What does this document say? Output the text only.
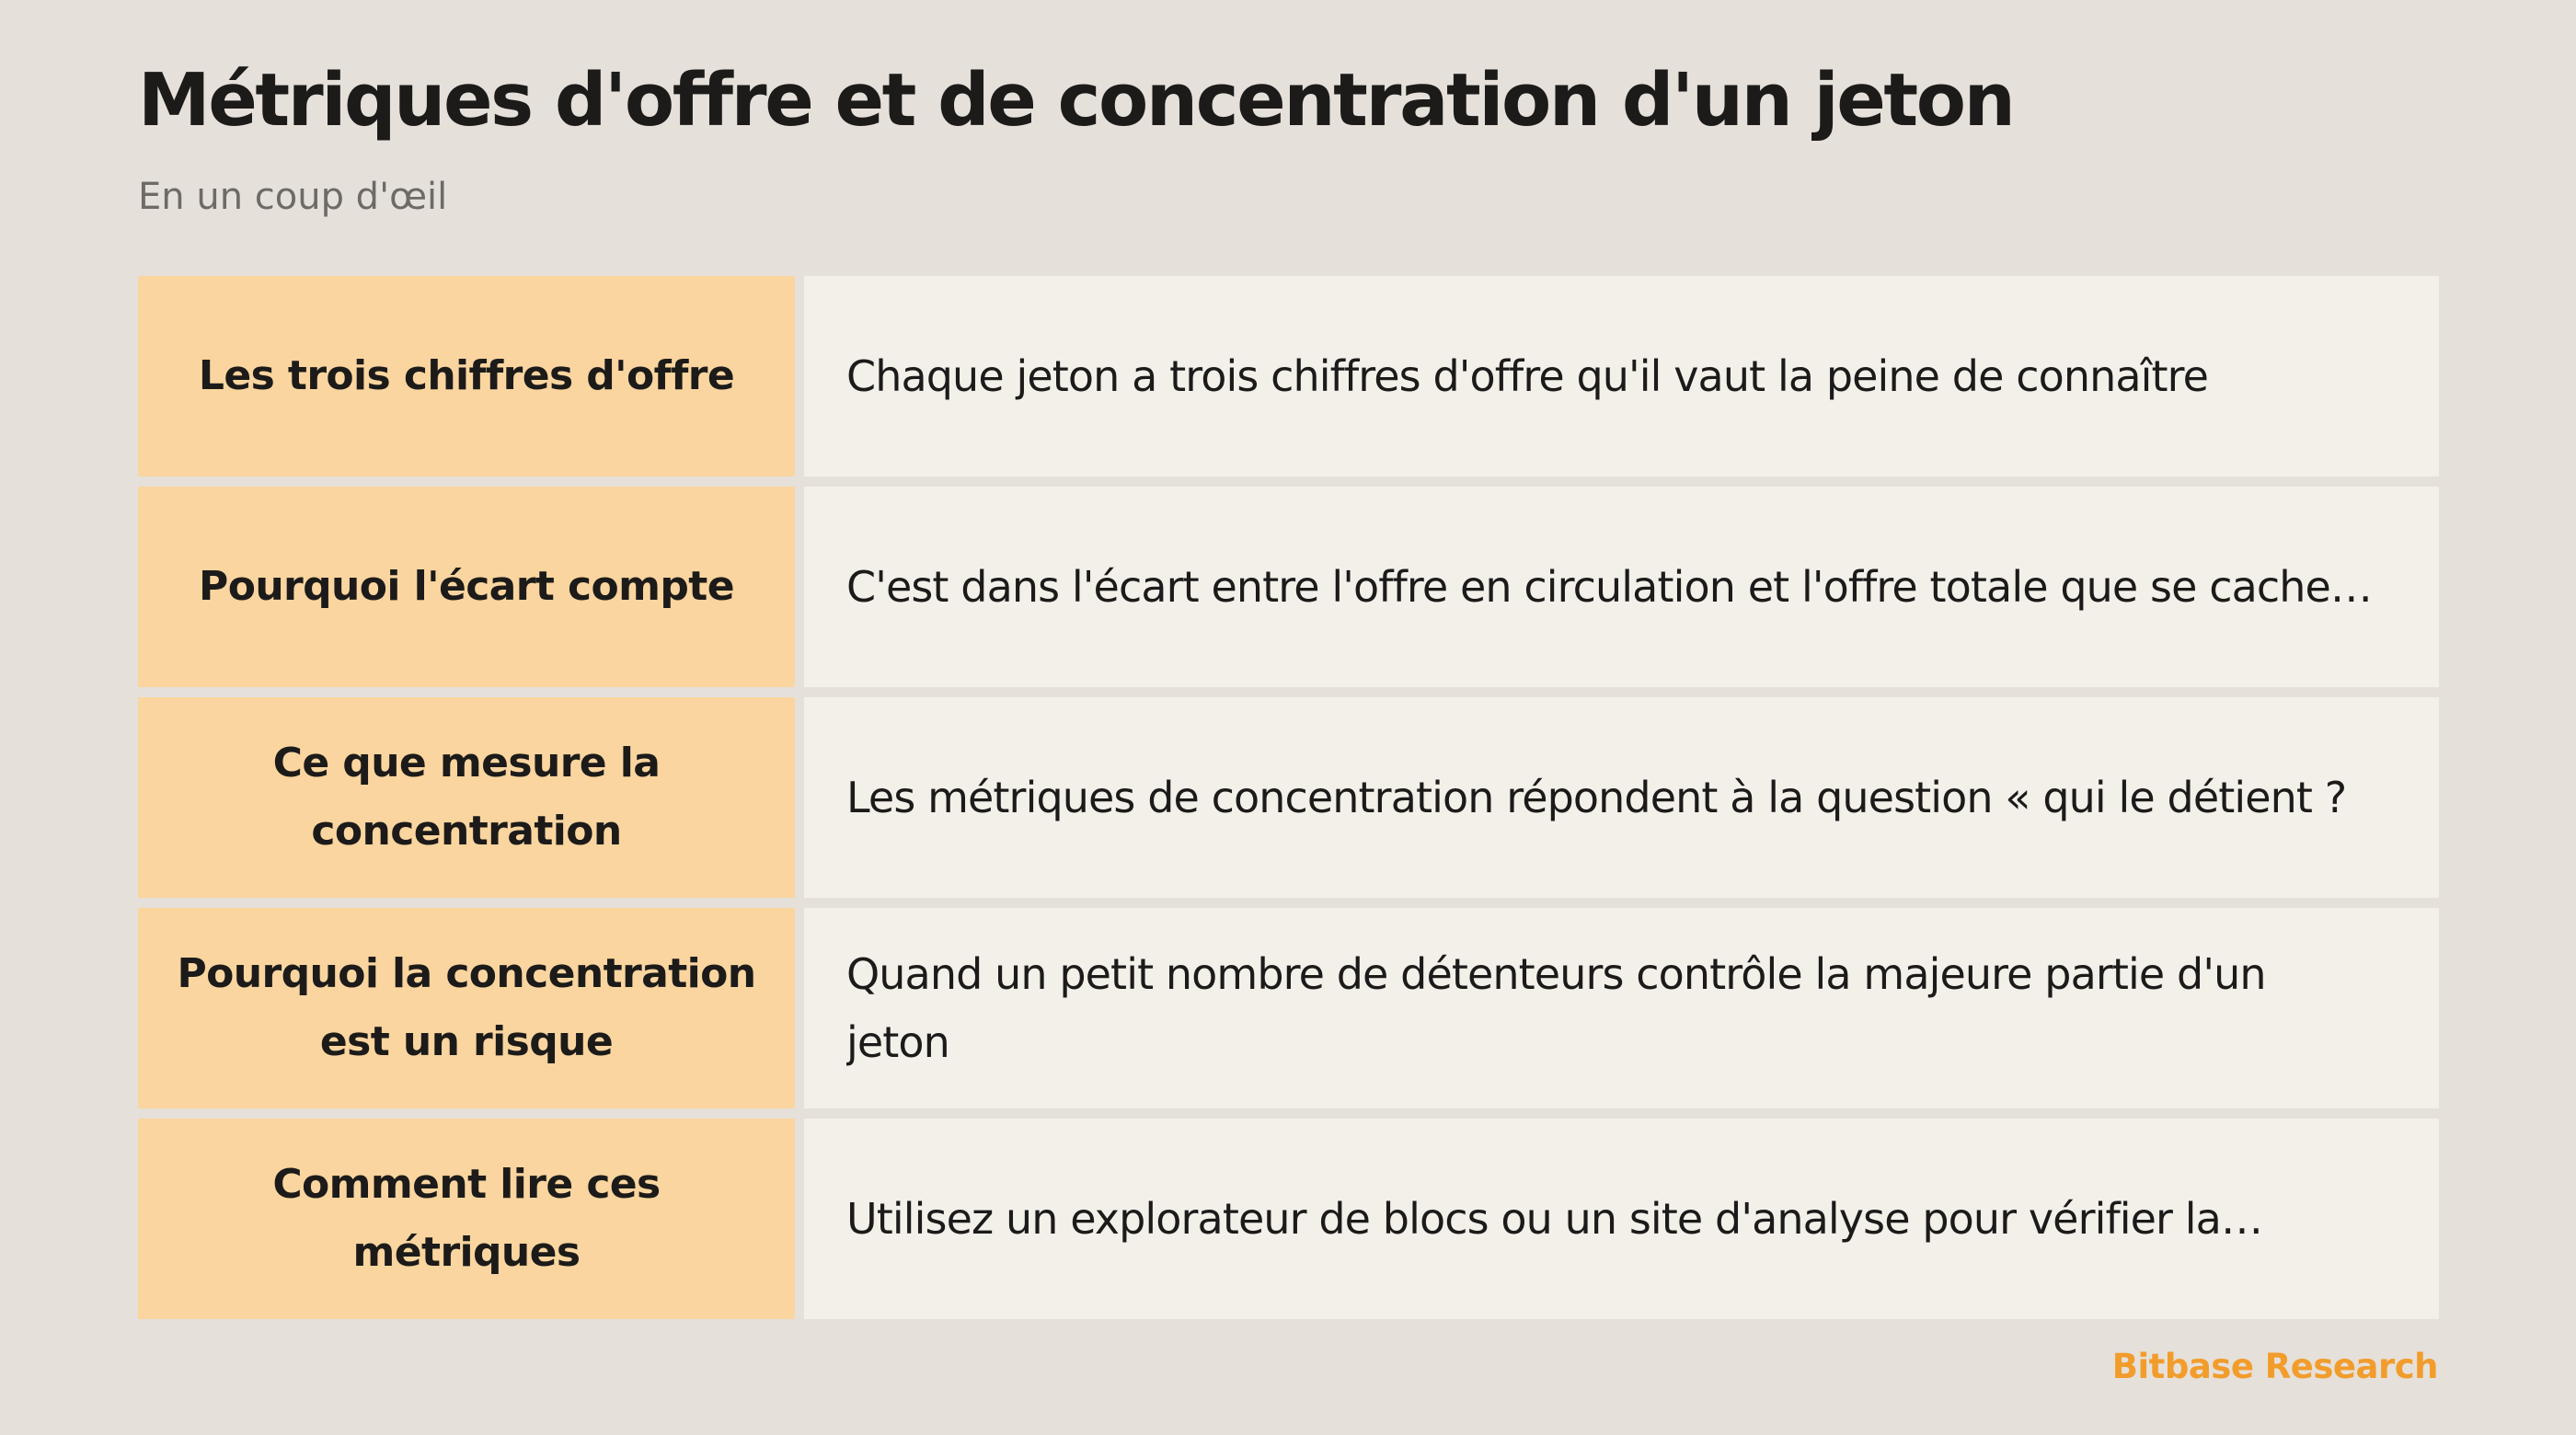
Métriques d'offre et de concentration d'un jeton

En un coup d'œil

Les trois chiffres d'offre	Chaque jeton a trois chiffres d'offre qu'il vaut la peine de connaître
Pourquoi l'écart compte	C'est dans l'écart entre l'offre en circulation et l'offre totale que se cache…
Ce que mesure la concentration
Les métriques de concentration répondent à la question « qui le détient ?
Pourquoi la concentration est un risque
Quand un petit nombre de détenteurs contrôle la majeure partie d'un jeton
Comment lire ces métriques
Utilisez un explorateur de blocs ou un site d'analyse pour vérifier la…

Bitbase Research
